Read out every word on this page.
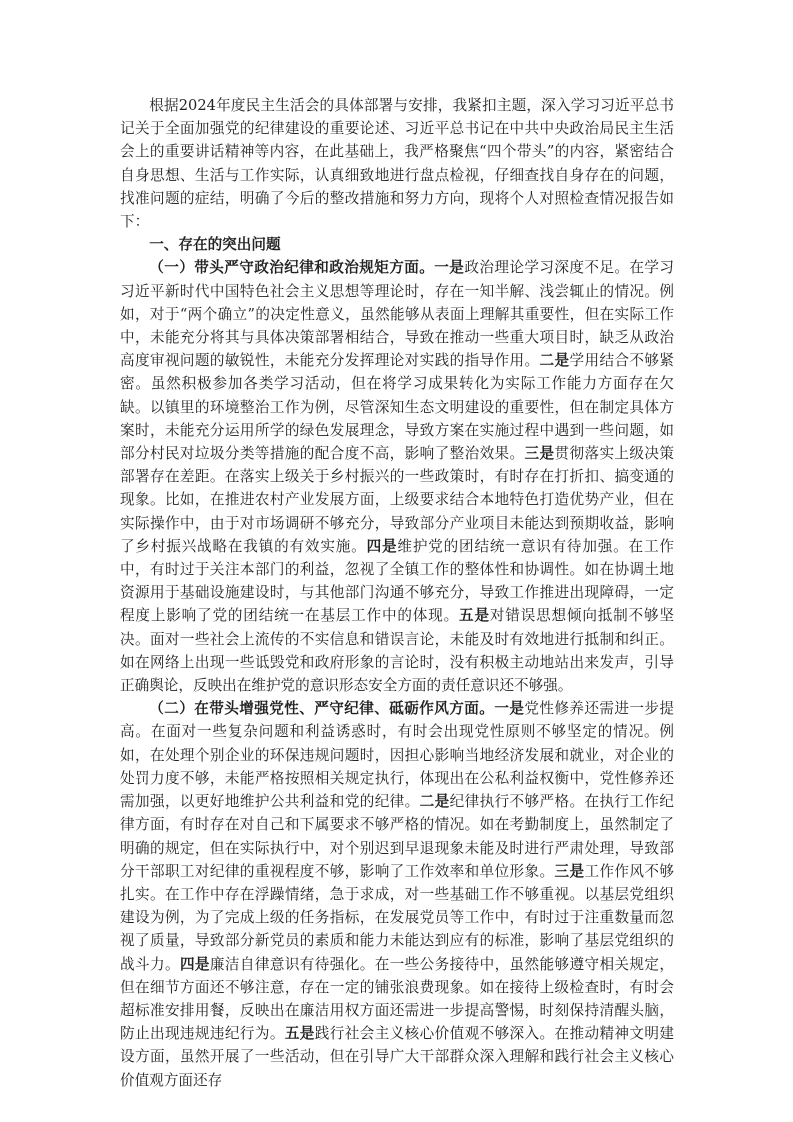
根据2024年度民主生活会的具体部署与安排，我紧扣主题，深入学习习近平总书记关于全面加强党的纪律建设的重要论述、习近平总书记在中共中央政治局民主生活会上的重要讲话精神等内容，在此基础上，我严格聚焦“四个带头”的内容，紧密结合自身思想、生活与工作实际，认真细致地进行盘点检视，仔细查找自身存在的问题，找准问题的症结，明确了今后的整改措施和努力方向，现将个人对照检查情况报告如下：

一、存在的突出问题

（一）带头严守政治纪律和政治规矩方面。一是政治理论学习深度不足。在学习习近平新时代中国特色社会主义思想等理论时，存在一知半解、浅尝辄止的情况。例如，对于“两个确立”的决定性意义，虽然能够从表面上理解其重要性，但在实际工作中，未能充分将其与具体决策部署相结合，导致在推动一些重大项目时，缺乏从政治高度审视问题的敏锐性，未能充分发挥理论对实践的指导作用。二是学用结合不够紧密。虽然积极参加各类学习活动，但在将学习成果转化为实际工作能力方面存在欠缺。以镇里的环境整治工作为例，尽管深知生态文明建设的重要性，但在制定具体方案时，未能充分运用所学的绿色发展理念，导致方案在实施过程中遇到一些问题，如部分村民对垃圾分类等措施的配合度不高，影响了整治效果。三是贯彻落实上级决策部署存在差距。在落实上级关于乡村振兴的一些政策时，有时存在打折扣、搞变通的现象。比如，在推进农村产业发展方面，上级要求结合本地特色打造优势产业，但在实际操作中，由于对市场调研不够充分，导致部分产业项目未能达到预期收益，影响了乡村振兴战略在我镇的有效实施。四是维护党的团结统一意识有待加强。在工作中，有时过于关注本部门的利益，忽视了全镇工作的整体性和协调性。如在协调土地资源用于基础设施建设时，与其他部门沟通不够充分，导致工作推进出现障碍，一定程度上影响了党的团结统一在基层工作中的体现。五是对错误思想倾向抵制不够坚决。面对一些社会上流传的不实信息和错误言论，未能及时有效地进行抵制和纠正。如在网络上出现一些诋毁党和政府形象的言论时，没有积极主动地站出来发声，引导正确舆论，反映出在维护党的意识形态安全方面的责任意识还不够强。

（二）在带头增强党性、严守纪律、砥砺作风方面。一是党性修养还需进一步提高。在面对一些复杂问题和利益诱惑时，有时会出现党性原则不够坚定的情况。例如，在处理个别企业的环保违规问题时，因担心影响当地经济发展和就业，对企业的处罚力度不够，未能严格按照相关规定执行，体现出在公私利益权衡中，党性修养还需加强，以更好地维护公共利益和党的纪律。二是纪律执行不够严格。在执行工作纪律方面，有时存在对自己和下属要求不够严格的情况。如在考勤制度上，虽然制定了明确的规定，但在实际执行中，对个别迟到早退现象未能及时进行严肃处理，导致部分干部职工对纪律的重视程度不够，影响了工作效率和单位形象。三是工作作风不够扎实。在工作中存在浮躁情绪，急于求成，对一些基础工作不够重视。以基层党组织建设为例，为了完成上级的任务指标，在发展党员等工作中，有时过于注重数量而忽视了质量，导致部分新党员的素质和能力未能达到应有的标准，影响了基层党组织的战斗力。四是廉洁自律意识有待强化。在一些公务接待中，虽然能够遵守相关规定，但在细节方面还不够注意，存在一定的铺张浪费现象。如在接待上级检查时，有时会超标准安排用餐，反映出在廉洁用权方面还需进一步提高警惕，时刻保持清醒头脑，防止出现违规违纪行为。五是践行社会主义核心价值观不够深入。在推动精神文明建设方面，虽然开展了一些活动，但在引导广大干部群众深入理解和践行社会主义核心价值观方面还存
